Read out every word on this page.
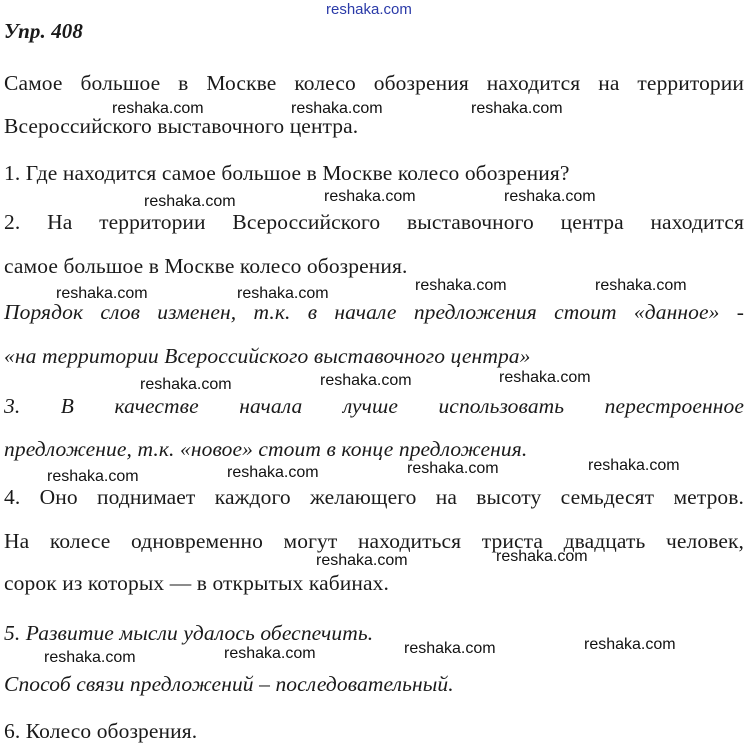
reshaka.com
Упр. 408
Самое большое в Москве колесо обозрения находится на территории
reshaka.com	reshaka.com	reshaka.com
Всероссийского выставочного центра.
1. Где находится самое большое в Москве колесо обозрения?
reshaka.com	reshaka.com	reshaka.com
2. На территории Всероссийского выставочного центра находится
самое большое в Москве колесо обозрения.
reshaka.com	reshaka.com	reshaka.com	reshaka.com
Порядок слов изменен, т.к. в начале предложения стоит «данное» -
«на территории Всероссийского выставочного центра»
reshaka.com	reshaka.com	reshaka.com
3. В качестве начала лучше использовать перестроенное
предложение, т.к. «новое» стоит в конце предложения.
reshaka.com	reshaka.com	reshaka.com	reshaka.com
4. Оно поднимает каждого желающего на высоту семьдесят метров.
На колесе одновременно могут находиться триста двадцать человек,
reshaka.com	reshaka.com
сорок из которых — в открытых кабинах.
5. Развитие мысли удалось обеспечить.
reshaka.com	reshaka.com	reshaka.com	reshaka.com
Способ связи предложений – последовательный.
6. Колесо обозрения.
